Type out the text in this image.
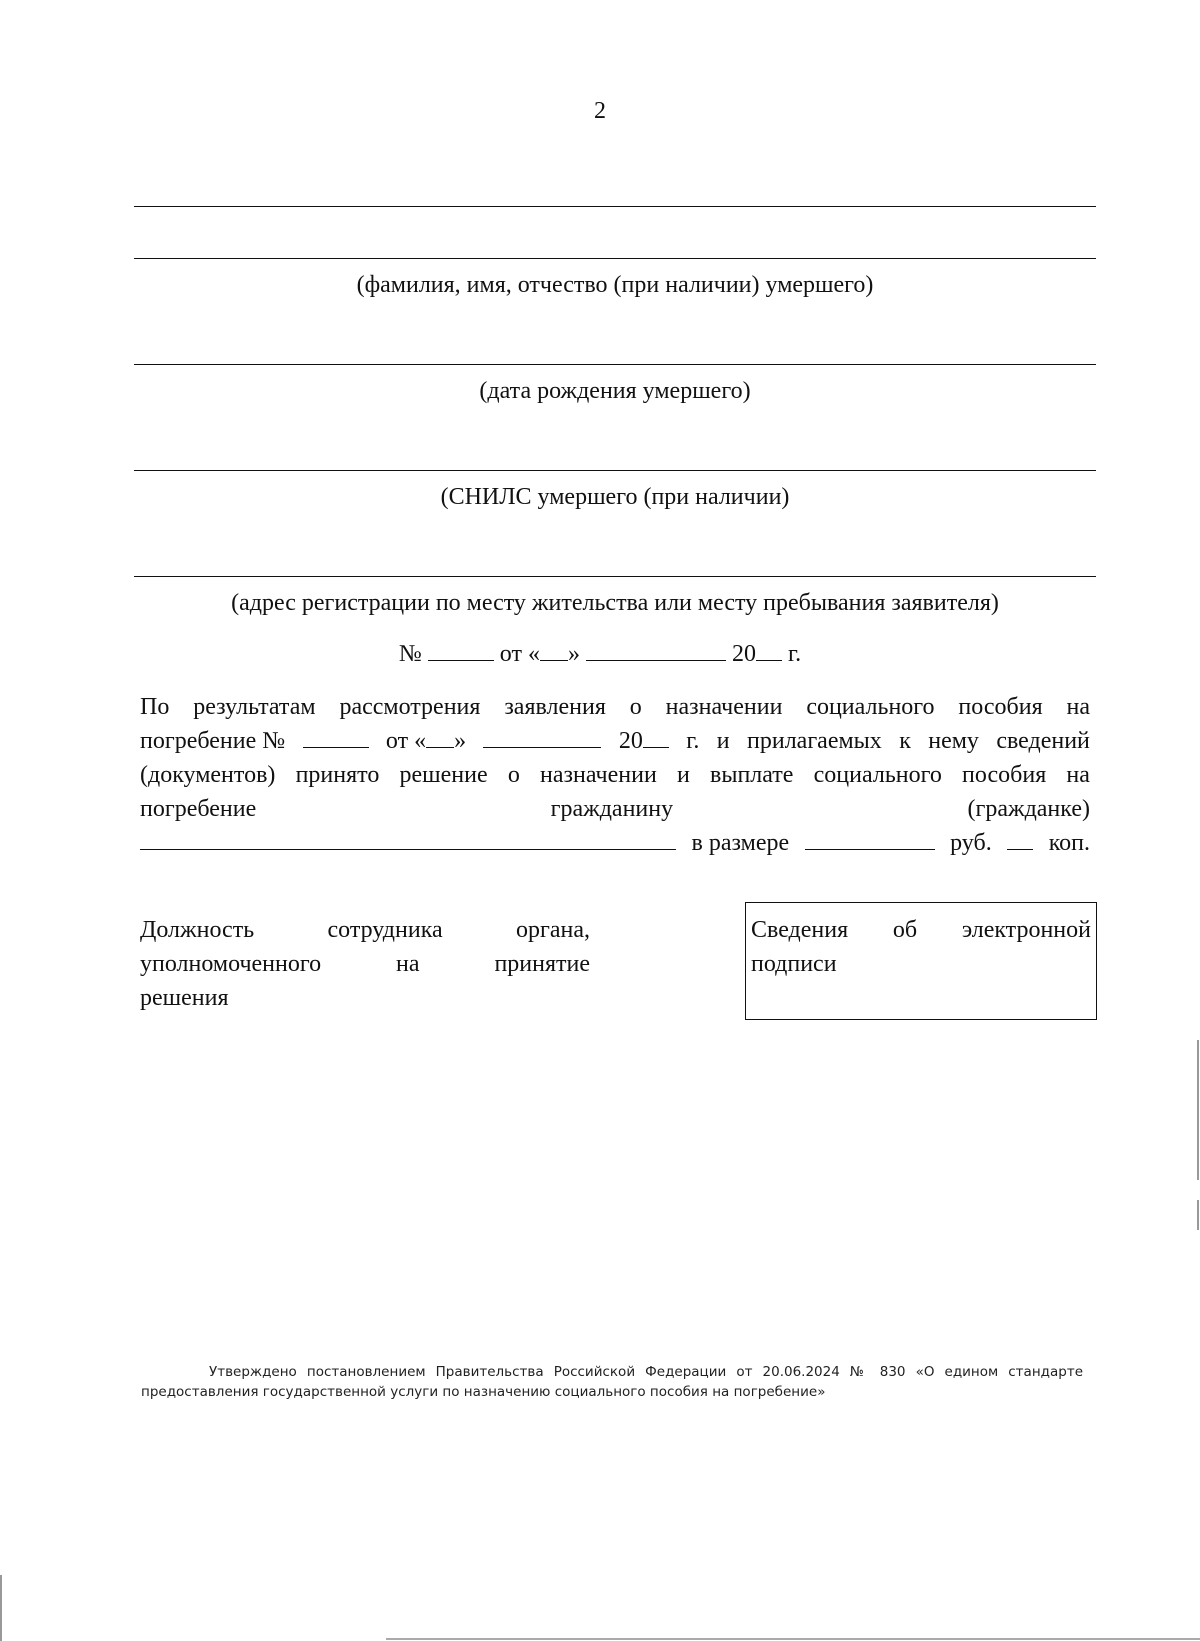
2
(фамилия, имя, отчество (при наличии) умершего)
(дата рождения умершего)
(СНИЛС умершего (при наличии)
(адрес регистрации по месту жительства или месту пребывания заявителя)
№	от « »	20 г.
По результатам рассмотрения заявления о назначении социального пособия на
погребение №	от « »	20	г. и прилагаемых к нему сведений
(документов) принято решение о назначении и выплате социального пособия на
погребение	гражданину	(гражданке)
в размере	руб. коп.
Должность	сотрудника	органа,
уполномоченного	на	принятие
решения
Сведения об электронной
подписи
Утверждено постановлением Правительства Российской Федерации от 20.06.2024 № 830 «О едином стандарте предоставления государственной услуги по назначению социального пособия на погребение»
